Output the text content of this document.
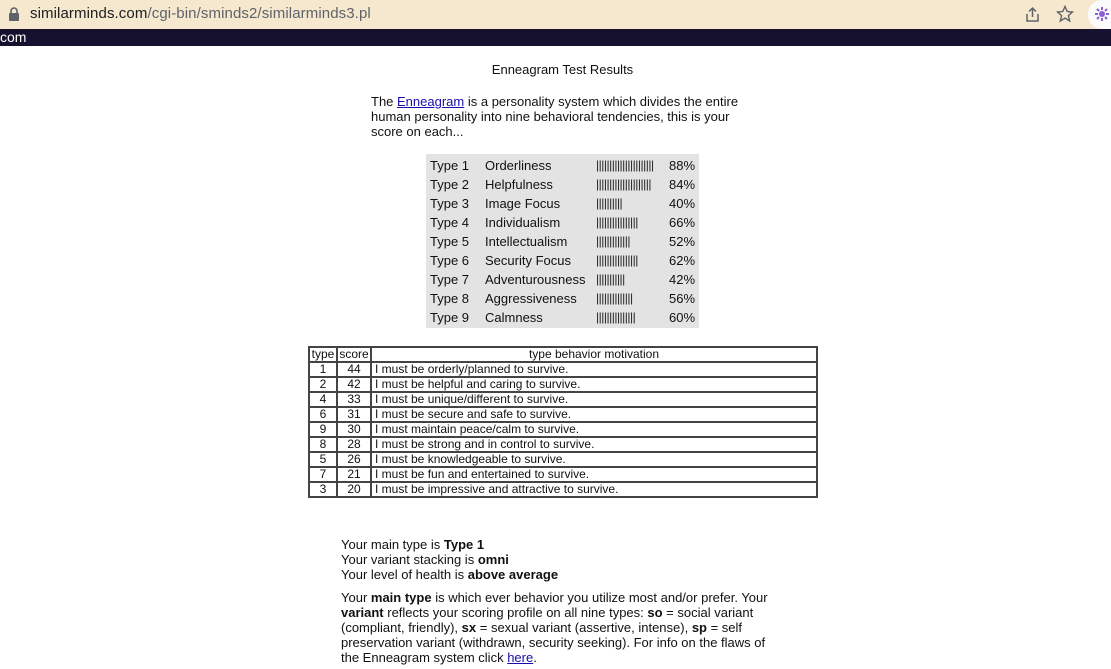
similarminds.com/cgi-bin/sminds2/similarminds3.pl
com
Enneagram Test Results
The Enneagram is a personality system which divides the entire human personality into nine behavioral tendencies, this is your score on each...
Type 1 Orderliness	|||||||||||||||||||||| 88%
Type 2 Helpfulness	||||||||||||||||||||| 84%
Type 3 Image Focus	||||||||||	40%
Type 4 Individualism	|||||||||||||||| 66%
Type 5 Intellectualism |||||||||||||	52%
Type 6 Security Focus |||||||||||||||| 62%
Type 7 Adventurousness |||||||||||	42%
Type 8 Aggressiveness ||||||||||||||	56%
Type 9 Calmness	|||||||||||||||	60%
type	score	type behavior motivation
1	44	I must be orderly/planned to survive.
2	42	I must be helpful and caring to survive.
4	33	I must be unique/different to survive.
6	31	I must be secure and safe to survive.
9	30	I must maintain peace/calm to survive.
8	28	I must be strong and in control to survive.
5	26	I must be knowledgeable to survive.
7	21	I must be fun and entertained to survive.
3	20	I must be impressive and attractive to survive.
Your main type is Type 1
Your variant stacking is omni
Your level of health is above average
Your main type is which ever behavior you utilize most and/or prefer. Your variant reflects your scoring profile on all nine types: so = social variant (compliant, friendly), sx = sexual variant (assertive, intense), sp = self preservation variant (withdrawn, security seeking). For info on the flaws of the Enneagram system click here.
